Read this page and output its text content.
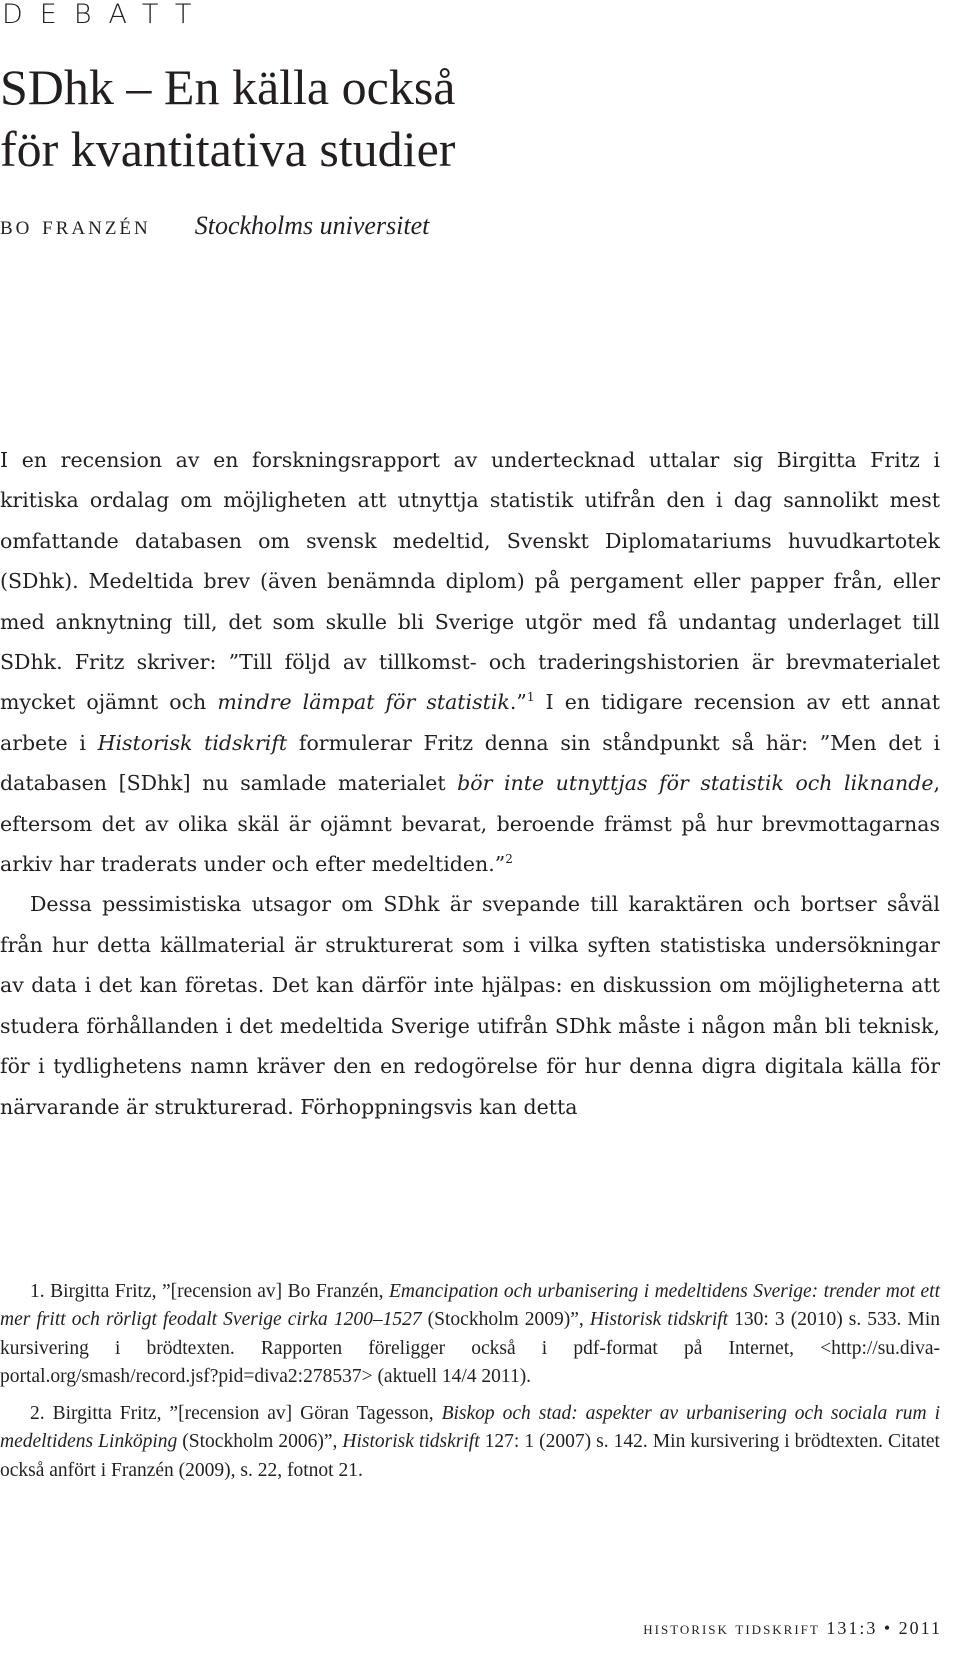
DEBATT
SDhk – En källa också
för kvantitativa studier
bo franzén Stockholms universitet

I en recension av en forskningsrapport av undertecknad uttalar sig Birgitta Fritz i kritiska ordalag om möjligheten att utnyttja statistik utifrån den i dag sannolikt mest omfattande databasen om svensk medeltid, Svenskt Diplomatariums huvudkartotek (SDhk). Medeltida brev (även benämnda diplom) på pergament eller papper från, eller med anknytning till, det som skulle bli Sverige utgör med få undantag underlaget till SDhk. Fritz skriver: ”Till följd av tillkomst- och traderingshistorien är brevmaterialet mycket ojämnt och mindre lämpat för statistik.”$^1$ I en tidigare recension av ett annat arbete i Historisk tidskrift formulerar Fritz denna sin ståndpunkt så här: ”Men det i databasen [SDhk] nu samlade materialet bör inte utnyttjas för statistik och liknande, eftersom det av olika skäl är ojämnt bevarat, beroende främst på hur brevmottagarnas arkiv har traderats under och efter medeltiden.”$^2$

Dessa pessimistiska utsagor om SDhk är svepande till karaktären och bortser såväl från hur detta källmaterial är strukturerat som i vilka syften statistiska undersökningar av data i det kan företas. Det kan därför inte hjälpas: en diskussion om möjligheterna att studera förhållanden i det medeltida Sverige utifrån SDhk måste i någon mån bli teknisk, för i tydlighetens namn kräver den en redogörelse för hur denna digra digitala källa för närvarande är strukturerad. Förhoppningsvis kan detta

1. Birgitta Fritz, ”[recension av] Bo Franzén, Emancipation och urbanisering i medeltidens Sverige: trender mot ett mer fritt och rörligt feodalt Sverige cirka 1200–1527 (Stockholm 2009)”, Historisk tidskrift 130: 3 (2010) s. 533. Min kursivering i brödtexten. Rapporten föreligger också i pdf-format på Internet, <http://su.diva-portal.org/smash/record.jsf?pid=diva2:278537> (aktuell 14/4 2011).

2. Birgitta Fritz, ”[recension av] Göran Tagesson, Biskop och stad: aspekter av urbanisering och sociala rum i medeltidens Linköping (Stockholm 2006)”, Historisk tidskrift 127: 1 (2007) s. 142. Min kursivering i brödtexten. Citatet också anfört i Franzén (2009), s. 22, fotnot 21.

historisk tidskrift 131:3 • 2011
